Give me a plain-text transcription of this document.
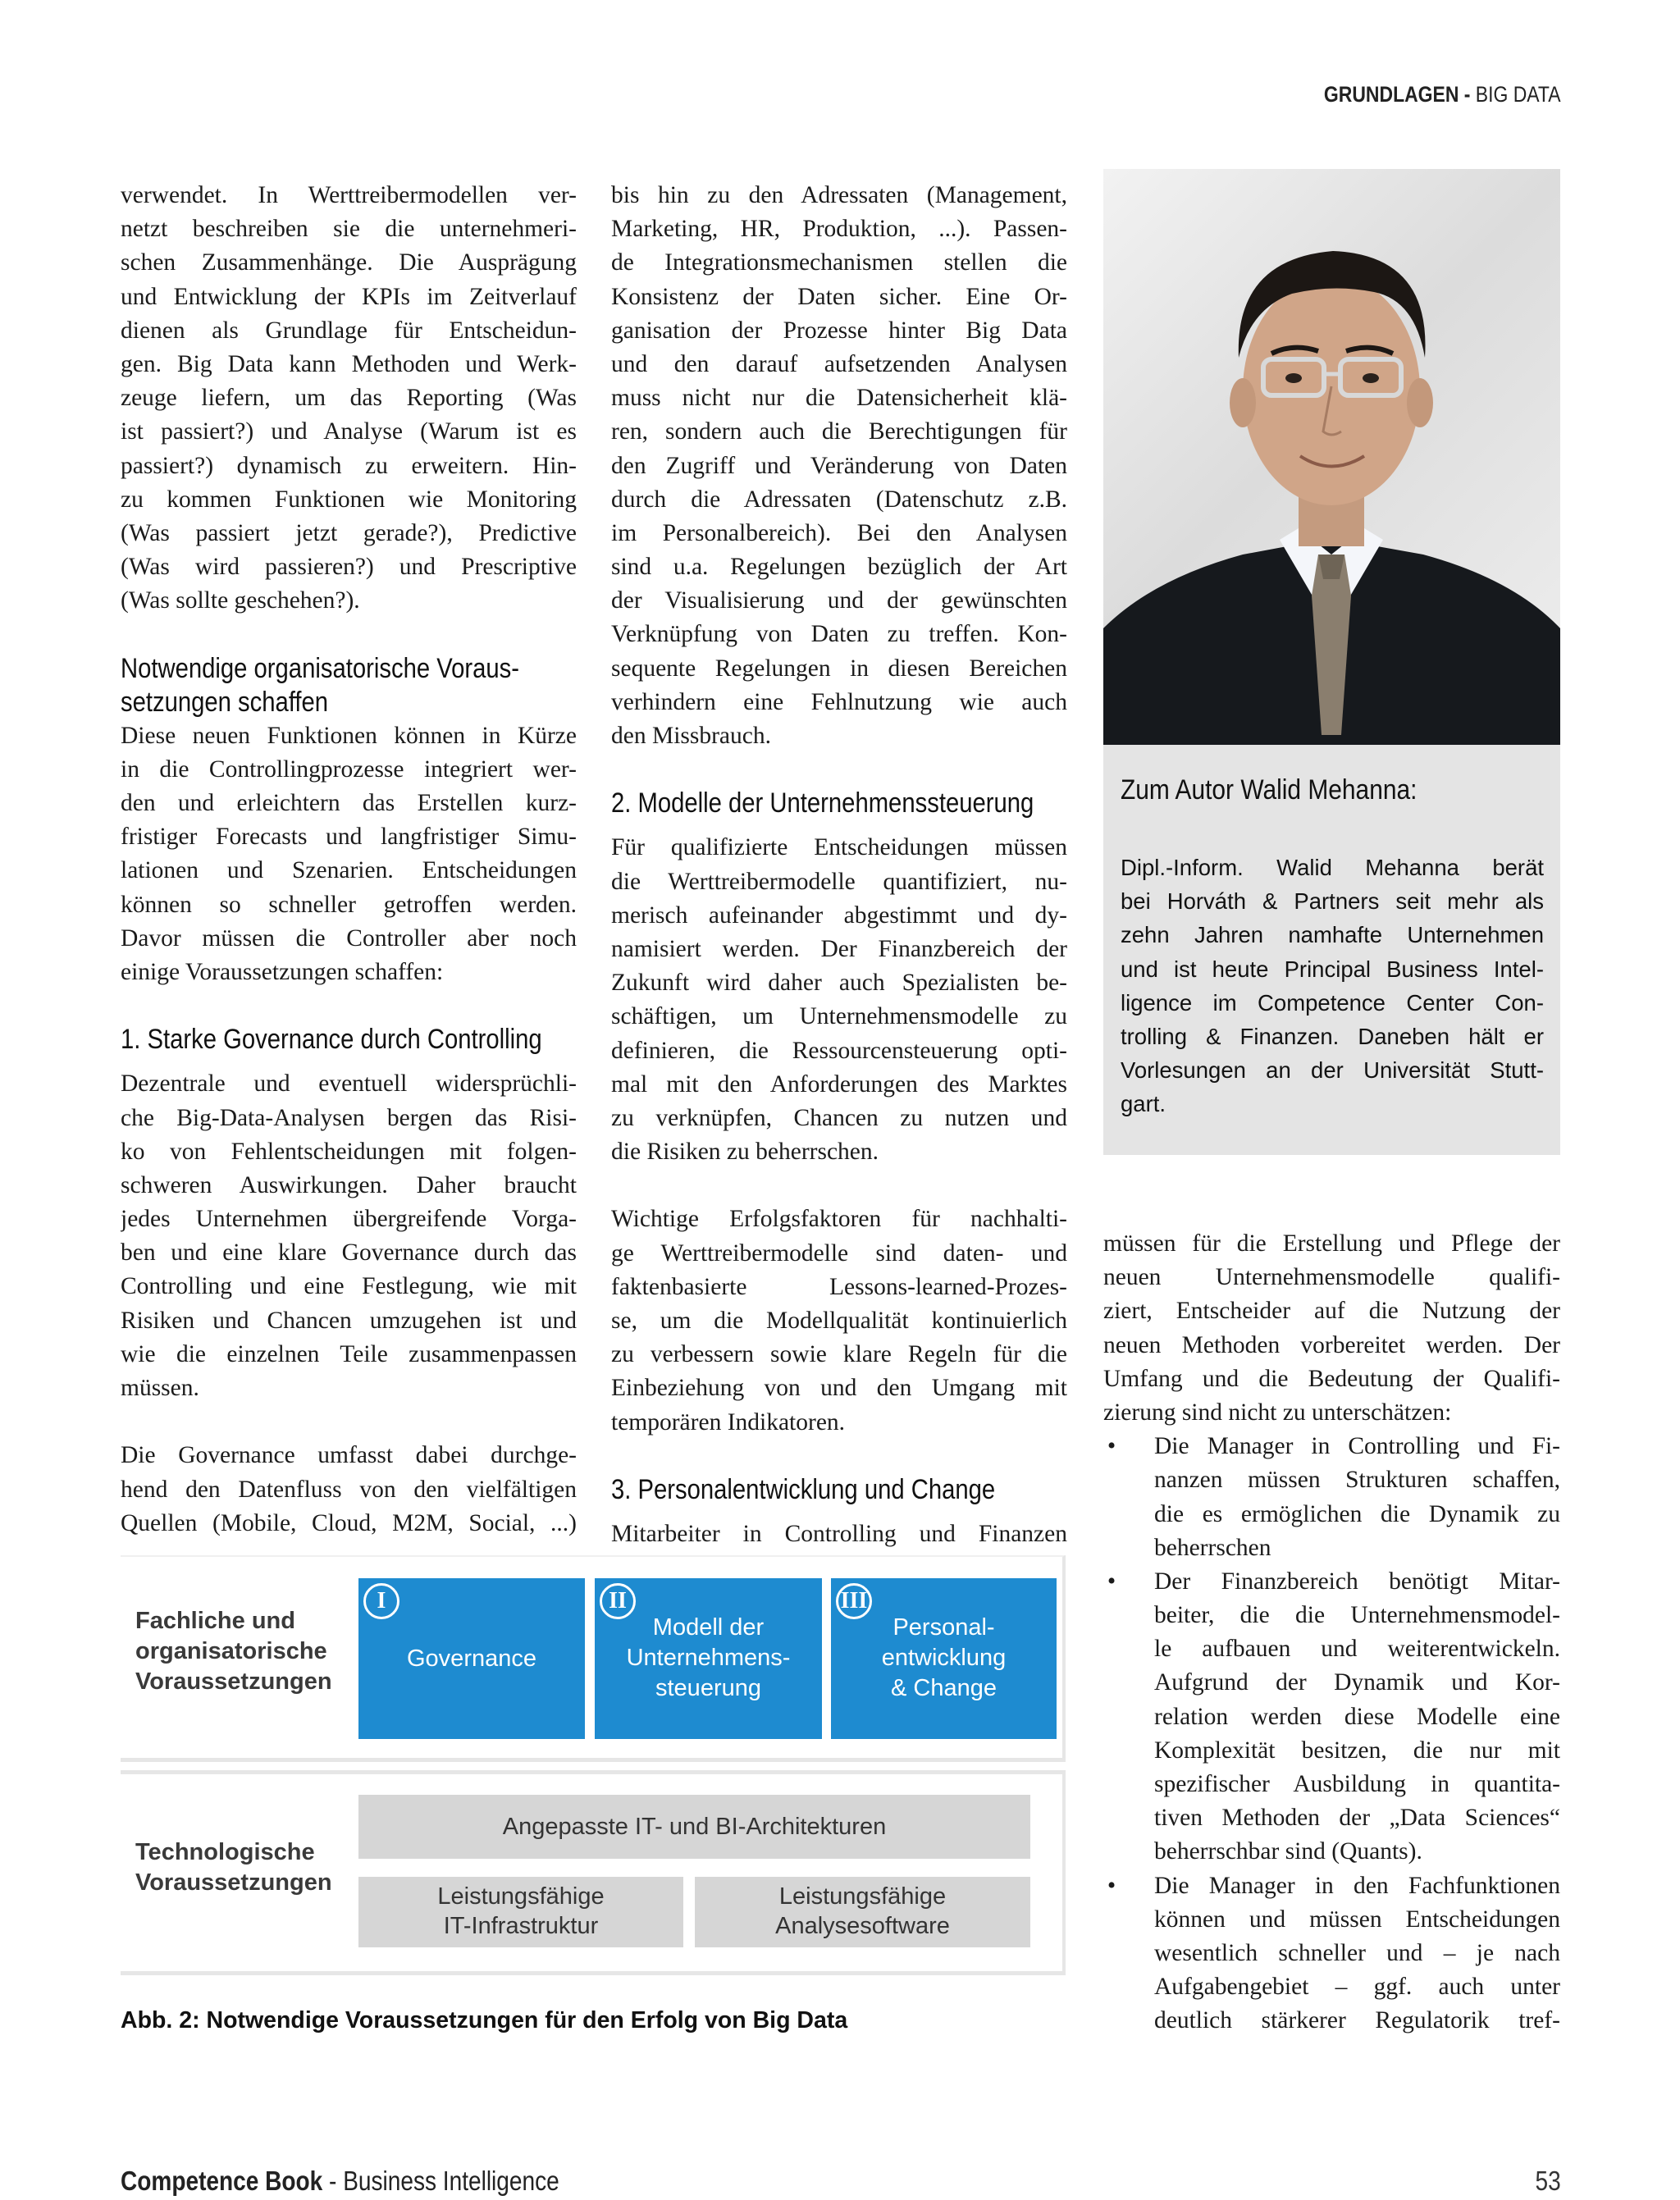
GRUNDLAGEN - BIG DATA
verwendet. In Werttreibermodellen ver-
netzt beschreiben sie die unternehmeri-
schen Zusammenhänge. Die Ausprägung
und Entwicklung der KPIs im Zeitverlauf
dienen als Grundlage für Entscheidun-
gen. Big Data kann Methoden und Werk-
zeuge liefern, um das Reporting (Was
ist passiert?) und Analyse (Warum ist es
passiert?) dynamisch zu erweitern. Hin-
zu kommen Funktionen wie Monitoring
(Was passiert jetzt gerade?), Predictive
(Was wird passieren?) und Prescriptive
(Was sollte geschehen?).
Notwendige organisatorische Voraus-
setzungen schaffen
Diese neuen Funktionen können in Kürze
in die Controllingprozesse integriert wer-
den und erleichtern das Erstellen kurz-
fristiger Forecasts und langfristiger Simu-
lationen und Szenarien. Entscheidungen
können so schneller getroffen werden.
Davor müssen die Controller aber noch
einige Voraussetzungen schaffen:
1. Starke Governance durch Controlling
Dezentrale und eventuell widersprüchli-
che Big-Data-Analysen bergen das Risi-
ko von Fehlentscheidungen mit folgen-
schweren Auswirkungen. Daher braucht
jedes Unternehmen übergreifende Vorga-
ben und eine klare Governance durch das
Controlling und eine Festlegung, wie mit
Risiken und Chancen umzugehen ist und
wie die einzelnen Teile zusammenpassen
müssen.
Die Governance umfasst dabei durchge-
hend den Datenfluss von den vielfältigen
Quellen (Mobile, Cloud, M2M, Social, ...)
bis hin zu den Adressaten (Management,
Marketing, HR, Produktion, ...). Passen-
de Integrationsmechanismen stellen die
Konsistenz der Daten sicher. Eine Or-
ganisation der Prozesse hinter Big Data
und den darauf aufsetzenden Analysen
muss nicht nur die Datensicherheit klä-
ren, sondern auch die Berechtigungen für
den Zugriff und Veränderung von Daten
durch die Adressaten (Datenschutz z.B.
im Personalbereich). Bei den Analysen
sind u.a. Regelungen bezüglich der Art
der Visualisierung und der gewünschten
Verknüpfung von Daten zu treffen. Kon-
sequente Regelungen in diesen Bereichen
verhindern eine Fehlnutzung wie auch
den Missbrauch.
2. Modelle der Unternehmenssteuerung
Für qualifizierte Entscheidungen müssen
die Werttreibermodelle quantifiziert, nu-
merisch aufeinander abgestimmt und dy-
namisiert werden. Der Finanzbereich der
Zukunft wird daher auch Spezialisten be-
schäftigen, um Unternehmensmodelle zu
definieren, die Ressourcensteuerung opti-
mal mit den Anforderungen des Marktes
zu verknüpfen, Chancen zu nutzen und
die Risiken zu beherrschen.
Wichtige Erfolgsfaktoren für nachhalti-
ge Werttreibermodelle sind daten- und
faktenbasierte Lessons-learned-Prozes-
se, um die Modellqualität kontinuierlich
zu verbessern sowie klare Regeln für die
Einbeziehung von und den Umgang mit
temporären Indikatoren.
3. Personalentwicklung und Change
Mitarbeiter in Controlling und Finanzen
Zum Autor Walid Mehanna:
Dipl.-Inform. Walid Mehanna berät
bei Horváth & Partners seit mehr als
zehn Jahren namhafte Unternehmen
und ist heute Principal Business Intel-
ligence im Competence Center Con-
trolling & Finanzen. Daneben hält er
Vorlesungen an der Universität Stutt-
gart.
müssen für die Erstellung und Pflege der
neuen Unternehmensmodelle qualifi-
ziert, Entscheider auf die Nutzung der
neuen Methoden vorbereitet werden. Der
Umfang und die Bedeutung der Qualifi-
zierung sind nicht zu unterschätzen:
• Die Manager in Controlling und Fi-
nanzen müssen Strukturen schaffen,
die es ermöglichen die Dynamik zu
beherrschen
• Der Finanzbereich benötigt Mitar-
beiter, die die Unternehmensmodel-
le aufbauen und weiterentwickeln.
Aufgrund der Dynamik und Kor-
relation werden diese Modelle eine
Komplexität besitzen, die nur mit
spezifischer Ausbildung in quantita-
tiven Methoden der „Data Sciences“
beherrschbar sind (Quants).
• Die Manager in den Fachfunktionen
können und müssen Entscheidungen
wesentlich schneller und – je nach
Aufgabengebiet – ggf. auch unter
deutlich stärkerer Regulatorik tref-
Fachliche und
organisatorische
Voraussetzungen
I
Governance
II
Modell der
Unternehmens-
steuerung
III
Personal-
entwicklung
& Change
Technologische
Voraussetzungen
Angepasste IT- und BI-Architekturen
Leistungsfähige
IT-Infrastruktur
Leistungsfähige
Analysesoftware
Abb. 2: Notwendige Voraussetzungen für den Erfolg von Big Data
Competence Book - Business Intelligence	53
